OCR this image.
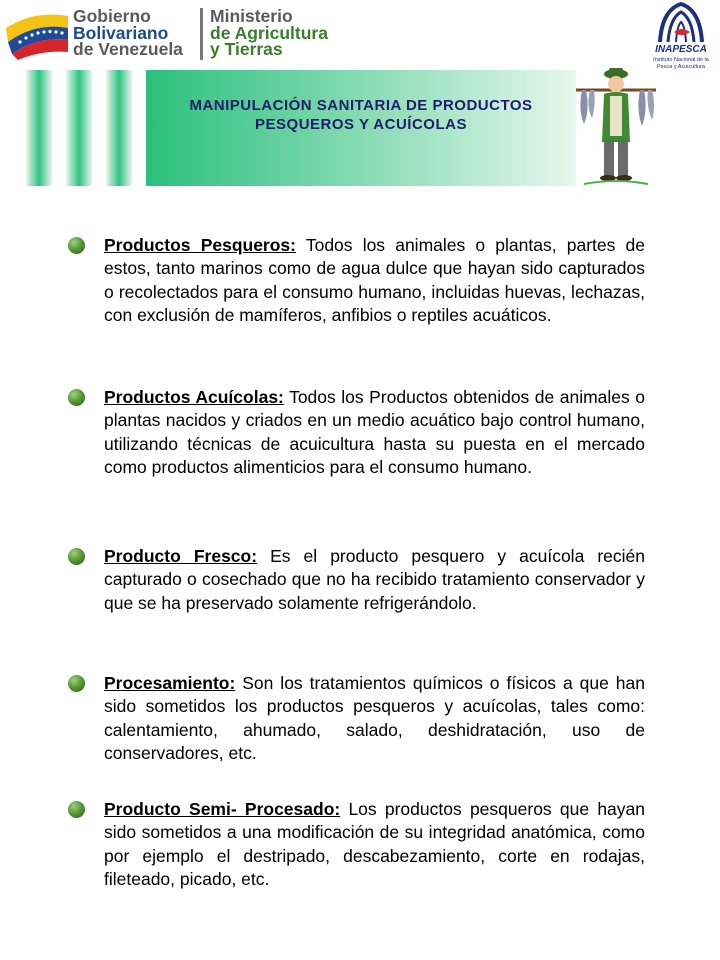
Gobierno
Bolivariano
de Venezuela
Ministerio
de Agricultura
y Tierras	INAPESCA
Instituto Nacional de la
Pesca y Acuicultura
MANIPULACIÓN SANITARIA DE PRODUCTOS
PESQUEROS Y ACUÍCOLAS
Productos Pesqueros: Todos los animales o plantas, partes de estos, tanto marinos como de agua dulce que hayan sido capturados o recolectados para el consumo humano, incluidas huevas, lechazas, con exclusión de mamíferos, anfibios o reptiles acuáticos.
Productos Acuícolas: Todos los Productos obtenidos de animales o plantas nacidos y criados en un medio acuático bajo control humano, utilizando técnicas de acuicultura hasta su puesta en el mercado como productos alimenticios para el consumo humano.
Producto Fresco: Es el producto pesquero y acuícola recién capturado o cosechado que no ha recibido tratamiento conservador y que se ha preservado solamente refrigerándolo.
Procesamiento: Son los tratamientos químicos o físicos a que han sido sometidos los productos pesqueros y acuícolas, tales como: calentamiento, ahumado, salado, deshidratación, uso de conservadores, etc.
Producto Semi- Procesado: Los productos pesqueros que hayan sido sometidos a una modificación de su integridad anatómica, como por ejemplo el destripado, descabezamiento, corte en rodajas, fileteado, picado, etc.
